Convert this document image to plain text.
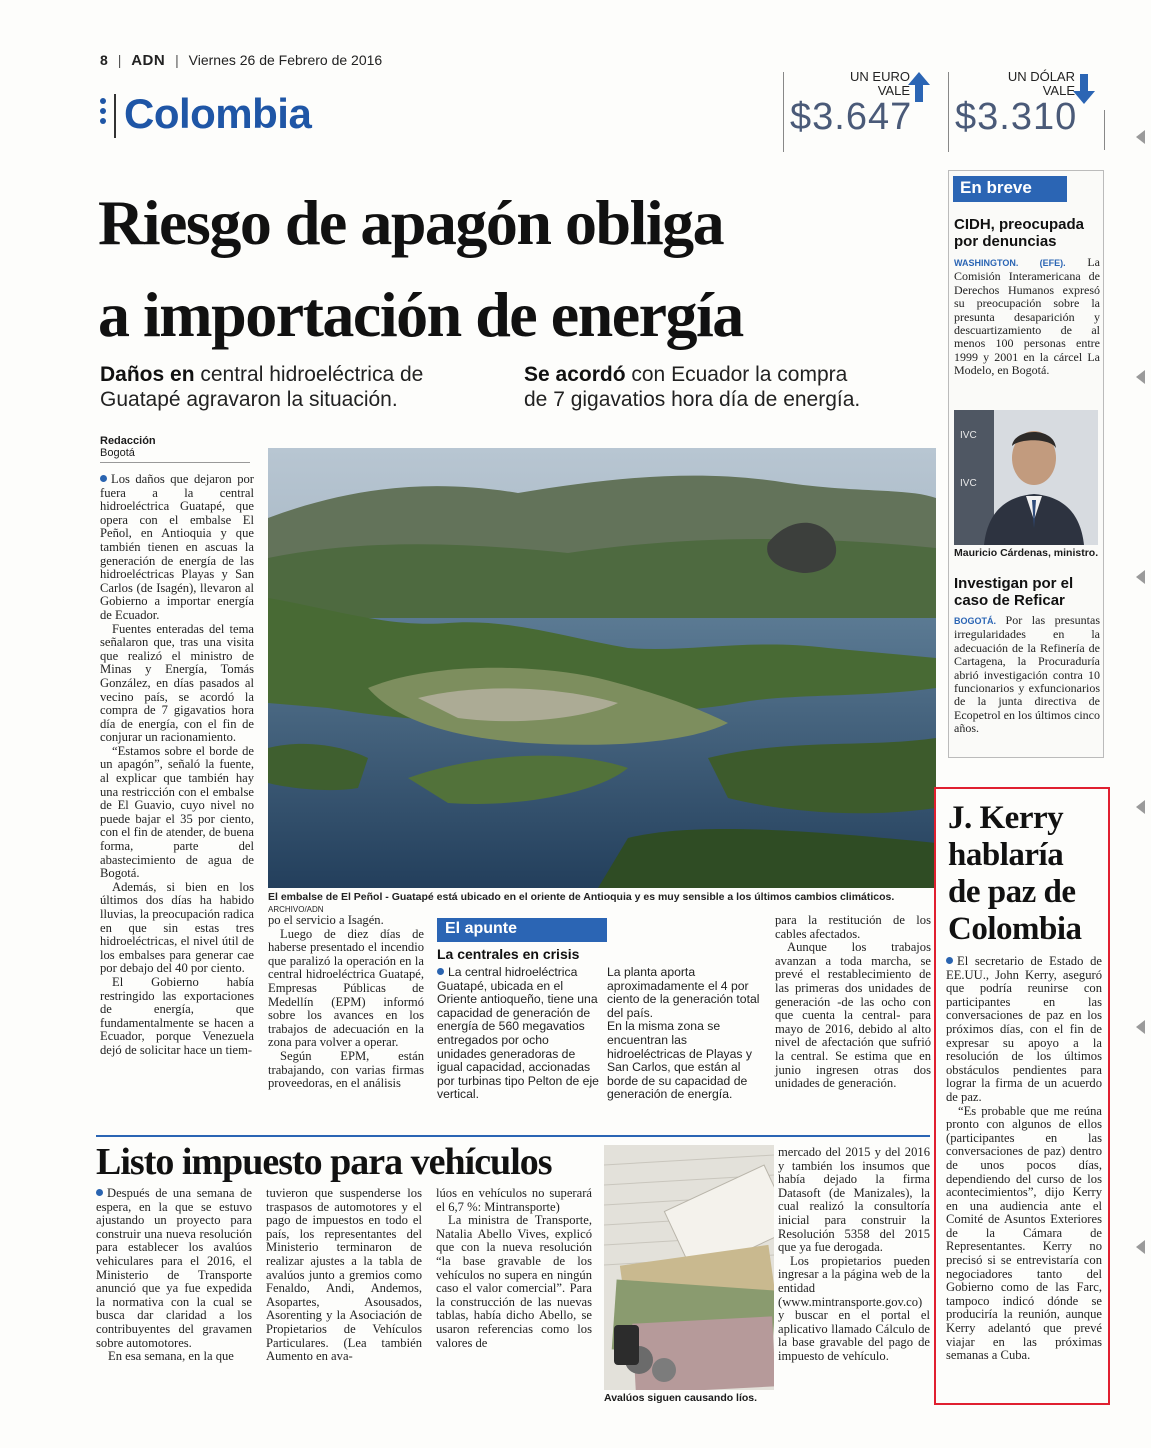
8 | ADN | Viernes 26 de Febrero de 2016
Colombia
UN EURO
VALE
$3.647
UN DÓLAR
VALE
$3.310
Riesgo de apagón obliga
a importación de energía
Daños en central hidroeléctrica de
Guatapé agravaron la situación.
Se acordó con Ecuador la compra
de 7 gigavatios hora día de energía.
Redacción
Bogotá

Los daños que dejaron por fuera a la central hidroeléctrica Guatapé, que opera con el embalse El Peñol, en Antioquia y que también tienen en ascuas la generación de energía de las hidroeléctricas Playas y San Carlos (de Isagén), llevaron al Gobierno a importar energía de Ecuador.

Fuentes enteradas del tema señalaron que, tras una visita que realizó el ministro de Minas y Energía, Tomás González, en días pasados al vecino país, se acordó la compra de 7 gigavatios hora día de energía, con el fin de conjurar un racionamiento.

“Estamos sobre el borde de un apagón”, señaló la fuente, al explicar que también hay una restricción con el embalse de El Guavio, cuyo nivel no puede bajar el 35 por ciento, con el fin de atender, de buena forma, parte del abastecimiento de agua de Bogotá.

Además, si bien en los últimos dos días ha habido lluvias, la preocupación radica en que sin estas tres hidroeléctricas, el nivel útil de los embalses para generar cae por debajo del 40 por ciento.

El Gobierno había restringido las exportaciones de energía, que fundamentalmente se hacen a Ecuador, porque Venezuela dejó de solicitar hace un tiem-

El embalse de El Peñol - Guatapé está ubicado en el oriente de Antioquia y es muy sensible a los últimos cambios climáticos. ARCHIVO/ADN

po el servicio a Isagén.

Luego de diez días de haberse presentado el incendio que paralizó la operación en la central hidroeléctrica Guatapé, Empresas Públicas de Medellín (EPM) informó sobre los avances en los trabajos de adecuación en la zona para volver a operar.

Según EPM, están trabajando, con varias firmas proveedoras, en el análisis

El apunte
La centrales en crisis
La central hidroeléctrica Guatapé, ubicada en el Oriente antioqueño, tiene una capacidad de generación de energía de 560 megavatios entregados por ocho unidades generadoras de igual capacidad, accionadas por turbinas tipo Pelton de eje vertical.
La planta aporta aproximadamente el 4 por ciento de la generación total del país.
En la misma zona se encuentran las hidroeléctricas de Playas y San Carlos, que están al borde de su capacidad de generación de energía.

para la restitución de los cables afectados.

Aunque los trabajos avanzan a toda marcha, se prevé el restablecimiento de las primeras dos unidades de generación -de las ocho con que cuenta la central- para mayo de 2016, debido al alto nivel de afectación que sufrió la central. Se estima que en junio ingresen otras dos unidades de generación.

En breve
CIDH, preocupada por denuncias
WASHINGTON. (EFE). La Comisión Interamericana de Derechos Humanos expresó su preocupación sobre la presunta desaparición y descuartizamiento de al menos 100 personas entre 1999 y 2001 en la cárcel La Modelo, en Bogotá.
IVC
IVC
Mauricio Cárdenas, ministro.
Investigan por el caso de Reficar
BOGOTÁ. Por las presuntas irregularidades en la adecuación de la Refinería de Cartagena, la Procuraduría abrió investigación contra 10 funcionarios y exfuncionarios de la junta directiva de Ecopetrol en los últimos cinco años.
J. Kerry
hablaría
de paz de
Colombia

El secretario de Estado de EE.UU., John Kerry, aseguró que podría reunirse con participantes en las conversaciones de paz en los próximos días, con el fin de expresar su apoyo a la resolución de los últimos obstáculos pendientes para lograr la firma de un acuerdo de paz.

“Es probable que me reúna pronto con algunos de ellos (participantes en las conversaciones de paz) dentro de unos pocos días, dependiendo del curso de los acontecimientos”, dijo Kerry en una audiencia ante el Comité de Asuntos Exteriores de la Cámara de Representantes. Kerry no precisó si se entrevistaría con negociadores tanto del Gobierno como de las Farc, tampoco indicó dónde se produciría la reunión, aunque Kerry adelantó que prevé viajar en las próximas semanas a Cuba.

Listo impuesto para vehículos

Después de una semana de espera, en la que se estuvo ajustando un proyecto para construir una nueva resolución para establecer los avalúos vehiculares para el 2016, el Ministerio de Transporte anunció que ya fue expedida la normativa con la cual se busca dar claridad a los contribuyentes del gravamen sobre automotores.

En esa semana, en la que

tuvieron que suspenderse los traspasos de automotores y el pago de impuestos en todo el país, los representantes del Ministerio terminaron de realizar ajustes a la tabla de avalúos junto a gremios como Fenaldo, Andi, Andemos, Asopartes, Asousados, Asorenting y la Asociación de Propietarios de Vehículos Particulares. (Lea también Aumento en ava-

lúos en vehículos no superará el 6,7 %: Mintransporte)

La ministra de Transporte, Natalia Abello Vives, explicó que con la nueva resolución “la base gravable de los vehículos no supera en ningún caso el valor comercial”. Para la construcción de las nuevas tablas, había dicho Abello, se usaron referencias como los valores de

Avalúos siguen causando líos.

mercado del 2015 y del 2016 y también los insumos que había dejado la firma Datasoft (de Manizales), la cual realizó la consultoría inicial para construir la Resolución 5358 del 2015 que ya fue derogada.

Los propietarios pueden ingresar a la página web de la entidad (www.mintransporte.gov.co) y buscar en el portal el aplicativo llamado Cálculo de la base gravable del pago de impuesto de vehículo.
